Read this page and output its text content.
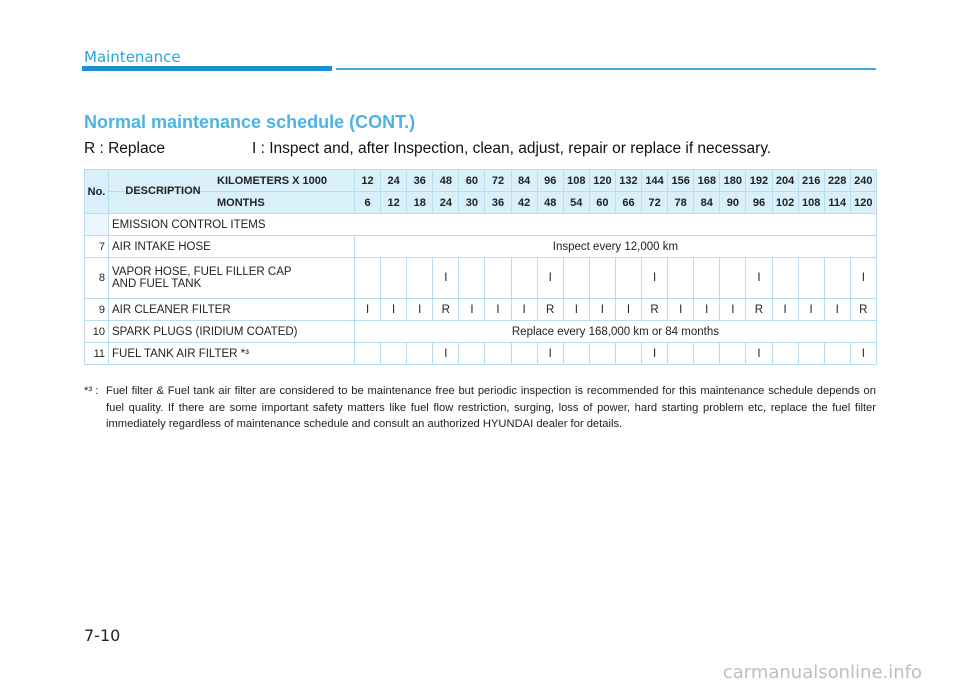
Maintenance
Normal maintenance schedule (CONT.)
R : Replace	I : Inspect and, after Inspection, clean, adjust, repair or replace if necessary.
No.	DESCRIPTION
KILOMETERS X 1000	12	24	36	48	60	72	84	96	108	120	132	144	156	168	180	192	204	216	228	240
	MONTHS	6	12	18	24	30	36	42	48	54	60	66	72	78	84	90	96	102	108	114	120
	EMISSION CONTROL ITEMS																				
7	AIR INTAKE HOSE	Inspect every 12,000 km																			
8	VAPOR HOSE, FUEL FILLER CAP
AND FUEL TANK				I				I				I				I				I
9	AIR CLEANER FILTER	I	I	I	R	I	I	I	R	I	I	I	R	I	I	I	R	I	I	I	R
10	SPARK PLUGS (IRIDIUM COATED)	Replace every 168,000 km or 84 months																			
11	FUEL TANK AIR FILTER *³				I				I				I				I				I
*³ : Fuel filter & Fuel tank air filter are considered to be maintenance free but periodic inspection is recommended for this maintenance schedule depends on fuel quality. If there are some important safety matters like fuel flow restriction, surging, loss of power, hard starting problem etc, replace the fuel filter immediately regardless of maintenance schedule and consult an authorized HYUNDAI dealer for details.
7-10
carmanualsonline.info
